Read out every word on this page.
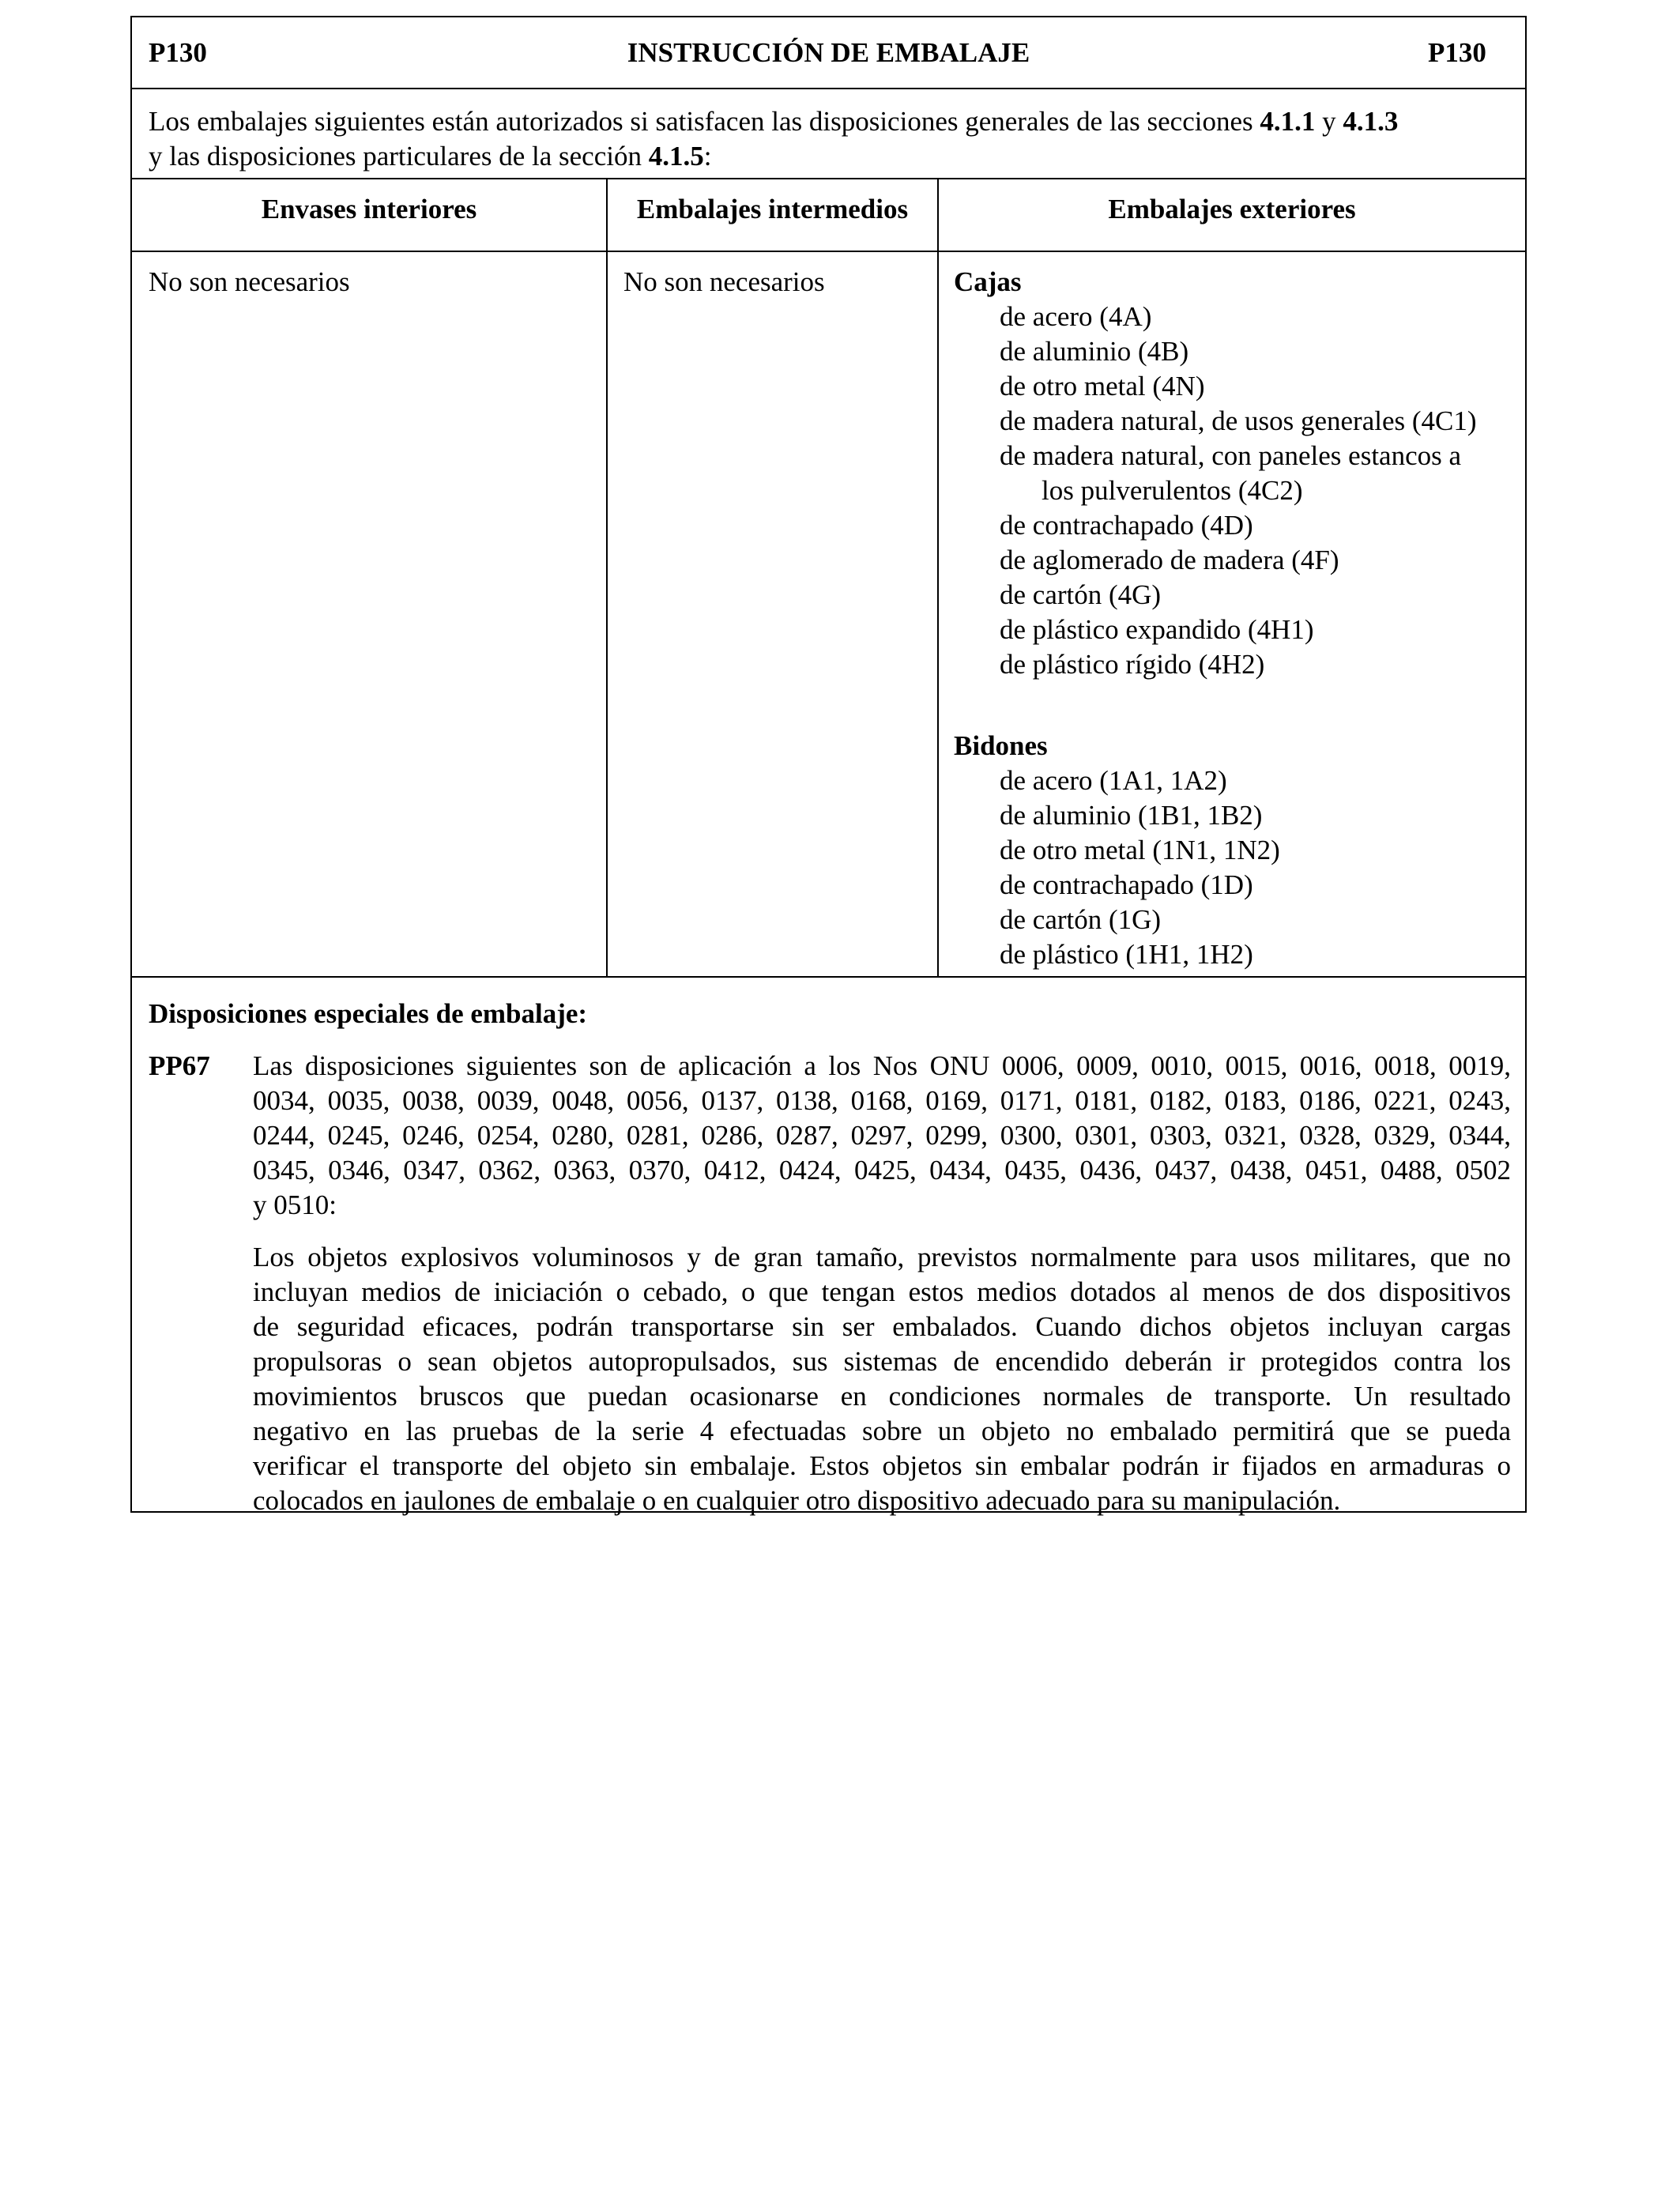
P130	INSTRUCCIÓN DE EMBALAJE	P130
Los embalajes siguientes están autorizados si satisfacen las disposiciones generales de las secciones 4.1.1 y 4.1.3
y las disposiciones particulares de la sección 4.1.5:
Envases interiores	Embalajes intermedios	Embalajes exteriores
No son necesarios	No son necesarios	Cajas
de acero (4A)
de aluminio (4B)
de otro metal (4N)
de madera natural, de usos generales (4C1)
de madera natural, con paneles estancos a
los pulverulentos (4C2)
de contrachapado (4D)
de aglomerado de madera (4F)
de cartón (4G)
de plástico expandido (4H1)
de plástico rígido (4H2)
Bidones
de acero (1A1, 1A2)
de aluminio (1B1, 1B2)
de otro metal (1N1, 1N2)
de contrachapado (1D)
de cartón (1G)
de plástico (1H1, 1H2)
Disposiciones especiales de embalaje:
PP67 Las disposiciones siguientes son de aplicación a los Nos ONU 0006, 0009, 0010, 0015, 0016, 0018, 0019,
0034, 0035, 0038, 0039, 0048, 0056, 0137, 0138, 0168, 0169, 0171, 0181, 0182, 0183, 0186, 0221, 0243,
0244, 0245, 0246, 0254, 0280, 0281, 0286, 0287, 0297, 0299, 0300, 0301, 0303, 0321, 0328, 0329, 0344,
0345, 0346, 0347, 0362, 0363, 0370, 0412, 0424, 0425, 0434, 0435, 0436, 0437, 0438, 0451, 0488, 0502
y 0510:
Los objetos explosivos voluminosos y de gran tamaño, previstos normalmente para usos militares, que no
incluyan medios de iniciación o cebado, o que tengan estos medios dotados al menos de dos dispositivos
de seguridad eficaces, podrán transportarse sin ser embalados. Cuando dichos objetos incluyan cargas
propulsoras o sean objetos autopropulsados, sus sistemas de encendido deberán ir protegidos contra los
movimientos bruscos que puedan ocasionarse en condiciones normales de transporte. Un resultado
negativo en las pruebas de la serie 4 efectuadas sobre un objeto no embalado permitirá que se pueda
verificar el transporte del objeto sin embalaje. Estos objetos sin embalar podrán ir fijados en armaduras o
colocados en jaulones de embalaje o en cualquier otro dispositivo adecuado para su manipulación.
